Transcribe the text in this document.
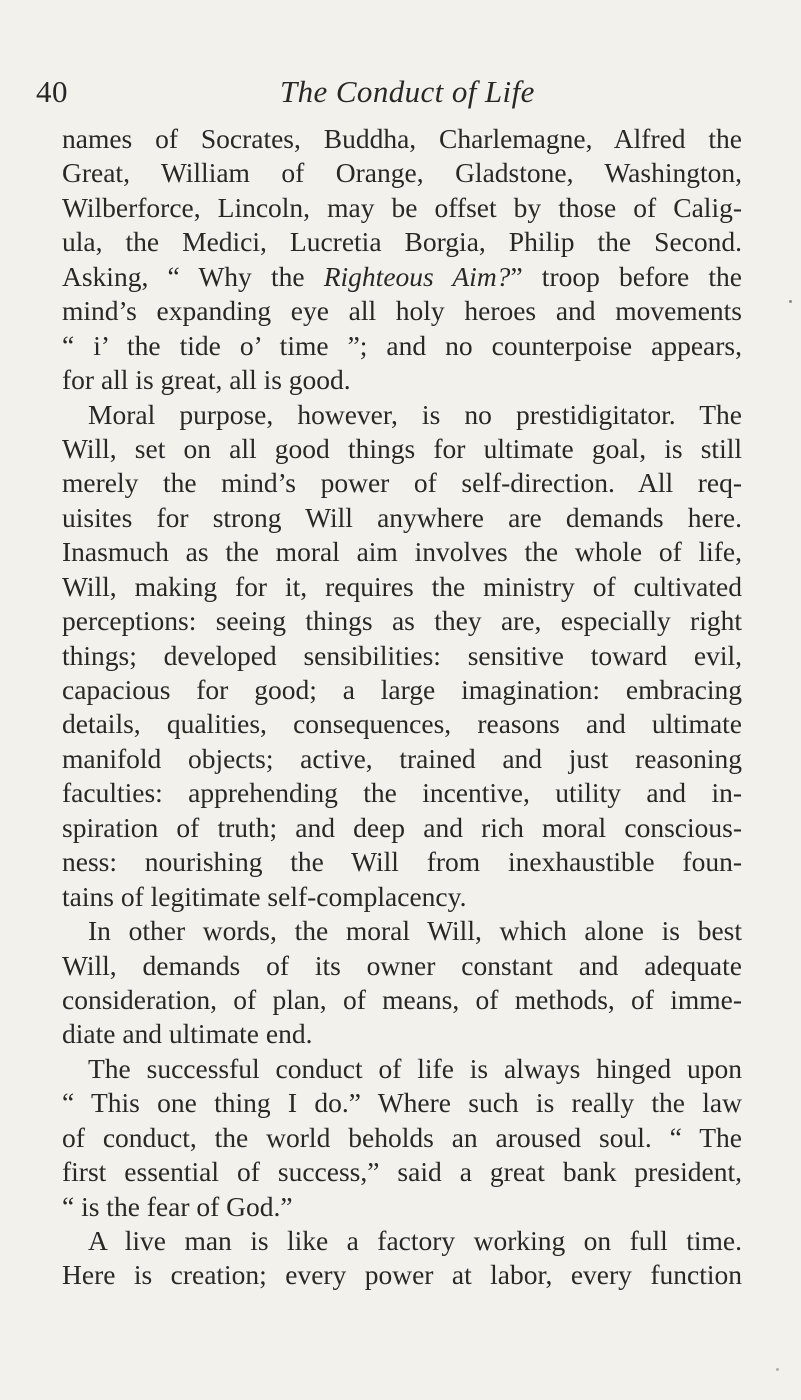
40	The Conduct of Life
names of Socrates, Buddha, Charlemagne, Alfred the
Great, William of Orange, Gladstone, Washington,
Wilberforce, Lincoln, may be offset by those of Calig-
ula, the Medici, Lucretia Borgia, Philip the Second.
Asking, “ Why the Righteous Aim?” troop before the
mind’s expanding eye all holy heroes and movements
“ i’ the tide o’ time ”; and no counterpoise appears,
for all is great, all is good.
Moral purpose, however, is no prestidigitator. The
Will, set on all good things for ultimate goal, is still
merely the mind’s power of self-direction. All req-
uisites for strong Will anywhere are demands here.
Inasmuch as the moral aim involves the whole of life,
Will, making for it, requires the ministry of cultivated
perceptions: seeing things as they are, especially right
things; developed sensibilities: sensitive toward evil,
capacious for good; a large imagination: embracing
details, qualities, consequences, reasons and ultimate
manifold objects; active, trained and just reasoning
faculties: apprehending the incentive, utility and in-
spiration of truth; and deep and rich moral conscious-
ness: nourishing the Will from inexhaustible foun-
tains of legitimate self-complacency.
In other words, the moral Will, which alone is best
Will, demands of its owner constant and adequate
consideration, of plan, of means, of methods, of imme-
diate and ultimate end.
The successful conduct of life is always hinged upon
“ This one thing I do.” Where such is really the law
of conduct, the world beholds an aroused soul. “ The
first essential of success,” said a great bank president,
“ is the fear of God.”
A live man is like a factory working on full time.
Here is creation; every power at labor, every function
